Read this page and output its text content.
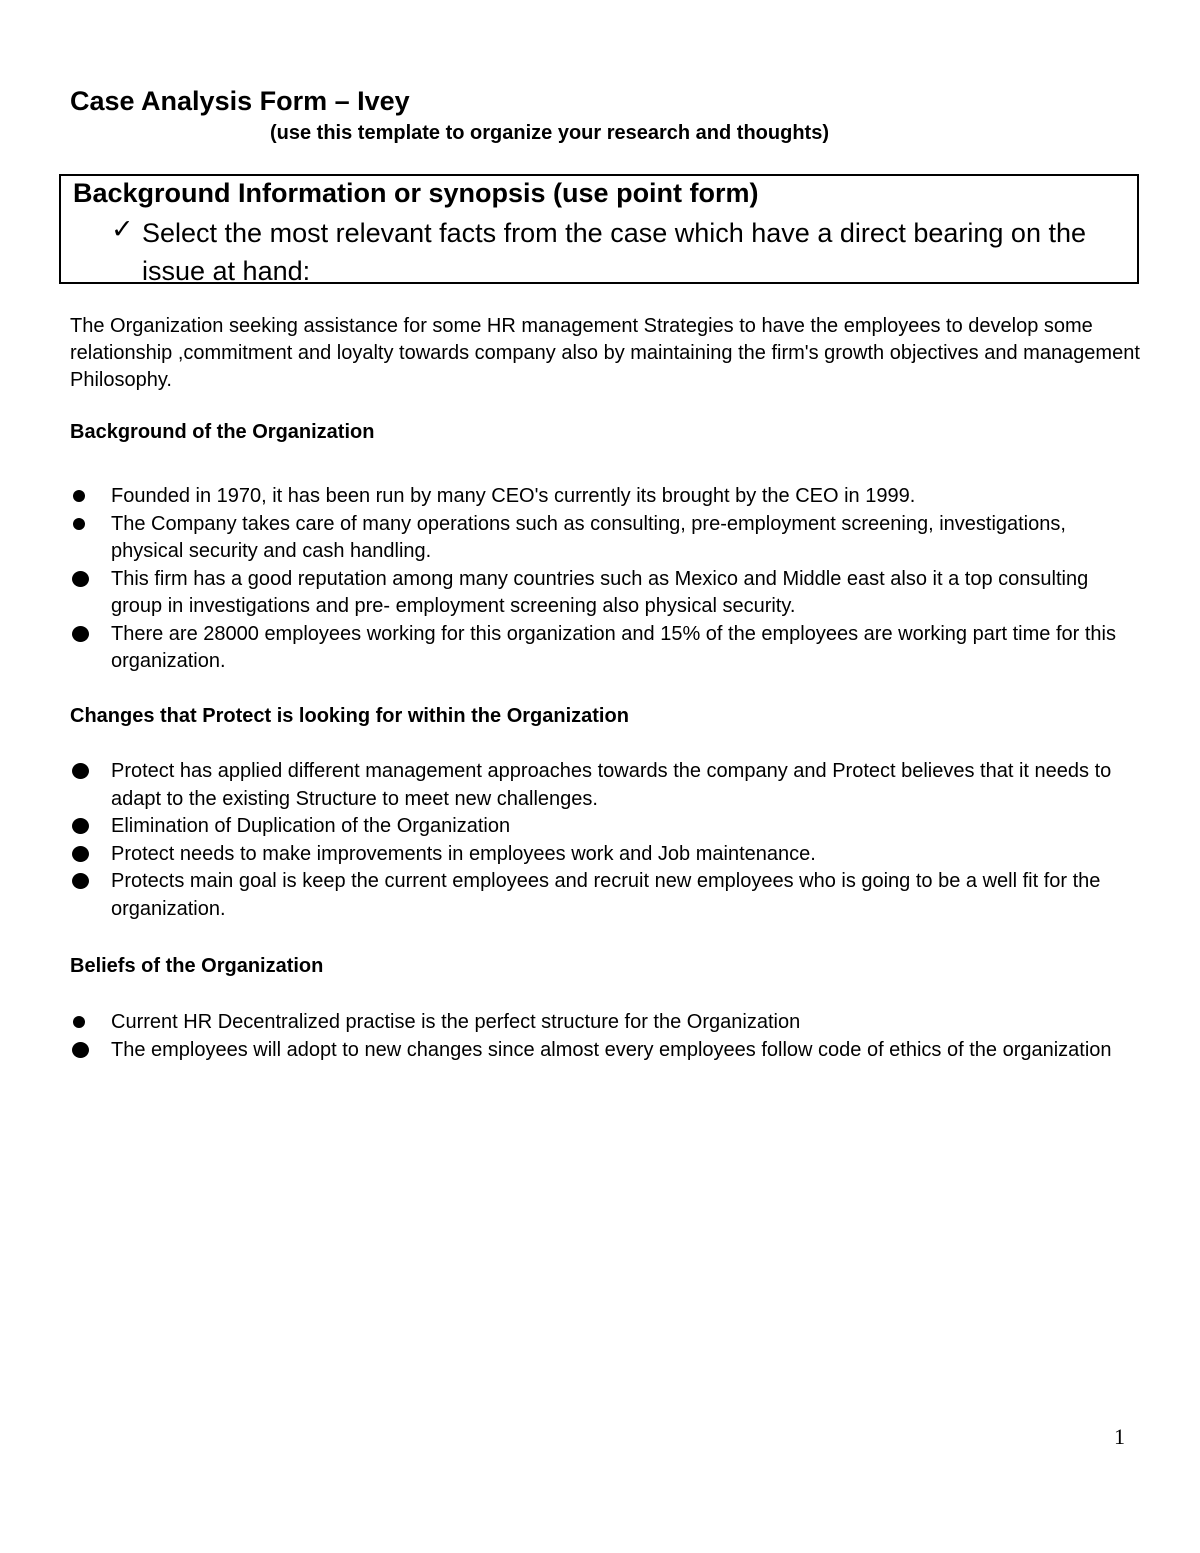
Case Analysis Form – Ivey

(use this template to organize your research and thoughts)

Background Information or synopsis (use point form)

✓ Select the most relevant facts from the case which have a direct bearing on the issue at hand:

The Organization seeking assistance for some HR management Strategies to have the employees to develop some relationship ,commitment and loyalty towards company also by maintaining the firm's growth objectives and management Philosophy.

Background of the Organization
Founded in 1970, it has been run by many CEO's currently its brought by the CEO in 1999.
The Company takes care of many operations such as consulting, pre-employment screening, investigations, physical security and cash handling.
This firm has a good reputation among many countries such as Mexico and Middle east also it a top consulting group in investigations and pre- employment screening also physical security.
There are 28000 employees working for this organization and 15% of the employees are working part time for this organization.
Changes that Protect is looking for within the Organization
Protect has applied different management approaches towards the company and Protect believes that it needs to adapt to the existing Structure to meet new challenges.
Elimination of Duplication of the Organization
Protect needs to make improvements in employees work and Job maintenance.
Protects main goal is keep the current employees and recruit new employees who is going to be a well fit for the organization.
Beliefs of the Organization
Current HR Decentralized practise is the perfect structure for the Organization
The employees will adopt to new changes since almost every employees follow code of ethics of the organization

1
